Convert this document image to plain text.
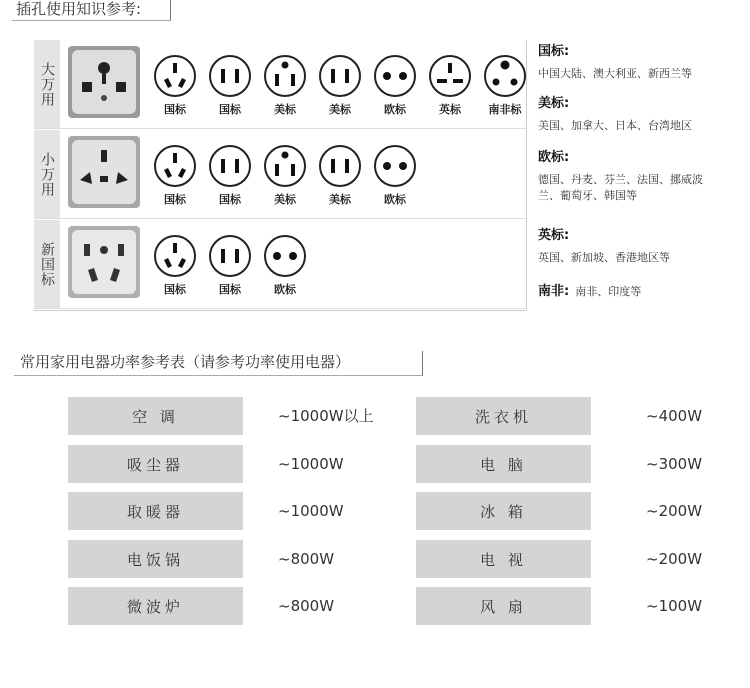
插孔使用知识参考:
大万用
国标	国标	美标	美标	欧标	英标	南非标
小万用
国标	国标	美标	美标	欧标
新国标
国标	国标	欧标
国标:
中国大陆、澳大利亚、新西兰等
美标:
美国、加拿大、日本、台湾地区
欧标:
德国、丹麦、芬兰、法国、挪威波兰、葡萄牙、韩国等
英标:
英国、新加坡、香港地区等
南非: 南非、印度等
常用家用电器功率参考表（请参考功率使用电器）
空 调	~1000W以上	洗衣机	~400W
吸尘器	~1000W	电 脑	~300W
取暖器	~1000W	冰 箱	~200W
电饭锅	~800W	电 视	~200W
微波炉	~800W	风 扇	~100W
